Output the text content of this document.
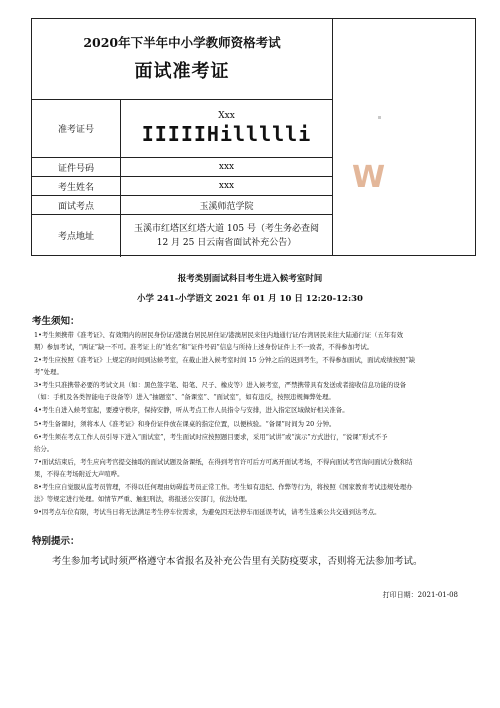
2020年下半年中小学教师资格考试
面试准考证
准考证号	Xxx
IIIIIHillllli

证件号码	xxx
考生姓名	xxx
面试考点	玉溪师范学院
考点地址	玉溪市红塔区红塔大道 105 号（考生务必查阅
12 月 25 日云南省面试补充公告）
W
报考类别面试科目考生进入候考室时间
小学 241-小学语文 2021 年 01 月 10 日 12:20-12:30
考生须知：

1•考生须携带《准考证》、有效期内的居民身份证/港澳台居民居住证/港澳居民来往内地通行证/台湾居民来往大陆通行证（五年有效
期）参加考试，“两证”缺一不可。准考证上的“姓名”和“证件号码”信息与所持上述身份证件上不一致者，不得参加考试。

2•考生应按照《准考证》上规定的时间到达候考室，在截止进入候考室时间 15 分钟之后的迟到考生，不得参加面试，面试成绩按照“缺
考”处理。

3•考生只准携带必要的考试文具（如：黑色签字笔、铅笔、尺子、橡皮等）进入候考室，严禁携带具有发送或者接收信息功能的设备
（如：手机及各类智能电子设备等）进入“抽题室”、“备课室”、“面试室”，如有违反，按照违规舞弊处理。

4•考生自进入候考室起，要遵守秩序，保持安静，听从考点工作人员指令与安排，进入指定区域做好相关准备。

5•考生备课时，须将本人《准考证》和身份证件放在课桌的指定位置，以便核验。“备课”时间为 20 分钟。

6•考生须在考点工作人员引导下进入“面试室”，考生面试时应按照题目要求，采用“试讲”或“演示”方式进行，“说课”形式不予
给分。

7•面试结束后，考生应向考官提交抽取的面试试题及备课纸，在得到考官许可后方可离开面试考场，不得向面试考官询问面试分数和结
果，不得在考场附近大声喧哗。

8•考生应自觉服从监考员管理，不得以任何理由妨碍监考员正常工作。考生如有违纪、作弊等行为，将按照《国家教育考试违规处理办
法》等规定进行处理。如情节严重、触犯刑法，将报送公安部门，依法处理。

9•因考点车位有限，考试当日将无法满足考生停车位需求，为避免因无法停车而延误考试，请考生选乘公共交通到达考点。

特别提示：
考生参加考试时须严格遵守本省报名及补充公告里有关防疫要求，否则将无法参加考试。
打印日期：2021-01-08
